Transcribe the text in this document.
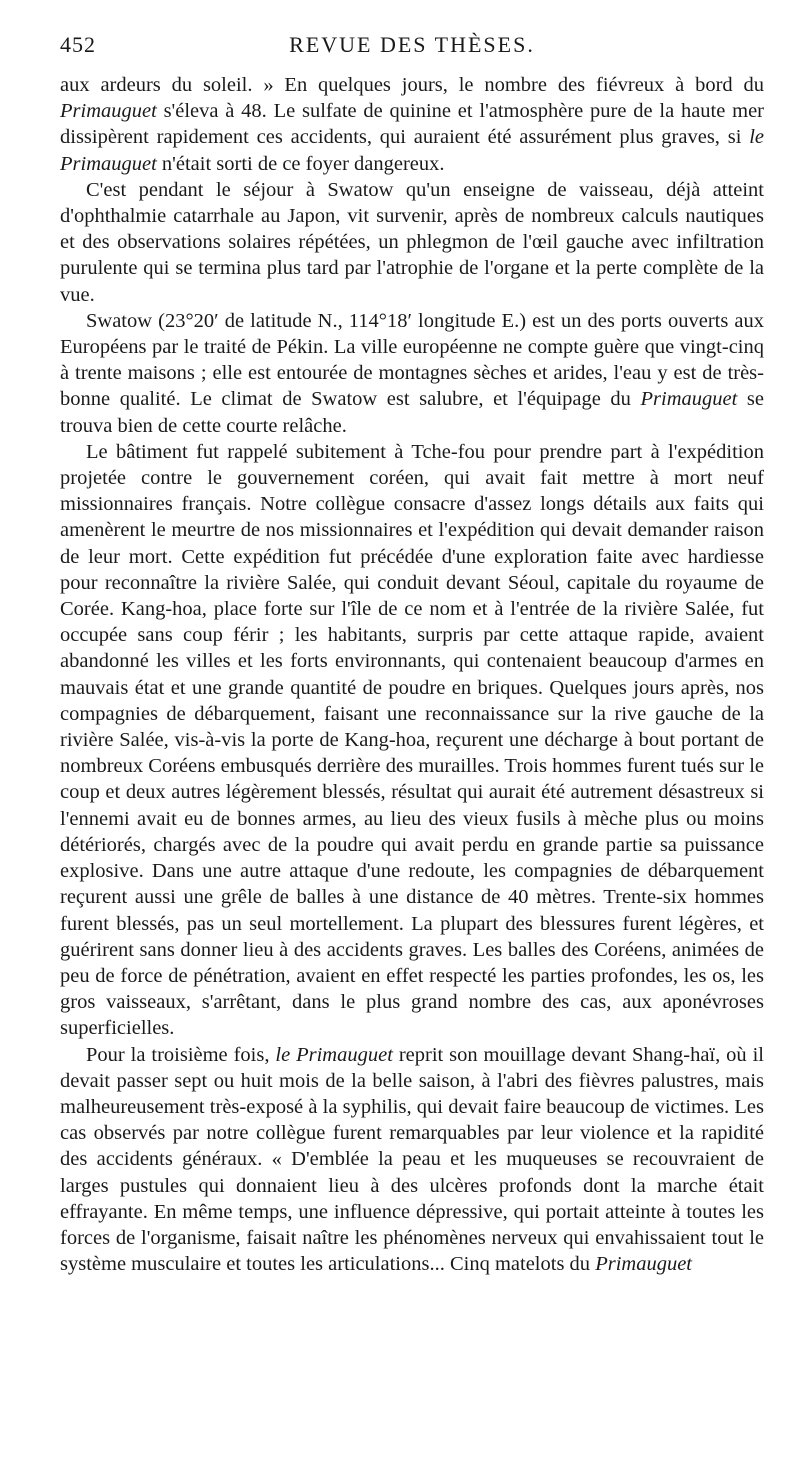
452	REVUE DES THÈSES.

aux ardeurs du soleil. » En quelques jours, le nombre des fiévreux à bord du Primauguet s'éleva à 48. Le sulfate de quinine et l'atmosphère pure de la haute mer dissipèrent rapidement ces accidents, qui auraient été assurément plus graves, si le Primauguet n'était sorti de ce foyer dangereux.

C'est pendant le séjour à Swatow qu'un enseigne de vaisseau, déjà atteint d'ophthalmie catarrhale au Japon, vit survenir, après de nombreux calculs nautiques et des observations solaires répétées, un phlegmon de l'œil gauche avec infiltration purulente qui se termina plus tard par l'atrophie de l'organe et la perte complète de la vue.

Swatow (23°20′ de latitude N., 114°18′ longitude E.) est un des ports ouverts aux Européens par le traité de Pékin. La ville européenne ne compte guère que vingt-cinq à trente maisons ; elle est entourée de montagnes sèches et arides, l'eau y est de très-bonne qualité. Le climat de Swatow est salubre, et l'équipage du Primauguet se trouva bien de cette courte relâche.

Le bâtiment fut rappelé subitement à Tche-fou pour prendre part à l'expédition projetée contre le gouvernement coréen, qui avait fait mettre à mort neuf missionnaires français. Notre collègue consacre d'assez longs détails aux faits qui amenèrent le meurtre de nos missionnaires et l'expédition qui devait demander raison de leur mort. Cette expédition fut précédée d'une exploration faite avec hardiesse pour reconnaître la rivière Salée, qui conduit devant Séoul, capitale du royaume de Corée. Kang-hoa, place forte sur l'île de ce nom et à l'entrée de la rivière Salée, fut occupée sans coup férir ; les habitants, surpris par cette attaque rapide, avaient abandonné les villes et les forts environnants, qui contenaient beaucoup d'armes en mauvais état et une grande quantité de poudre en briques. Quelques jours après, nos compagnies de débarquement, faisant une reconnaissance sur la rive gauche de la rivière Salée, vis-à-vis la porte de Kang-hoa, reçurent une décharge à bout portant de nombreux Coréens embusqués derrière des murailles. Trois hommes furent tués sur le coup et deux autres légèrement blessés, résultat qui aurait été autrement désastreux si l'ennemi avait eu de bonnes armes, au lieu des vieux fusils à mèche plus ou moins détériorés, chargés avec de la poudre qui avait perdu en grande partie sa puissance explosive. Dans une autre attaque d'une redoute, les compagnies de débarquement reçurent aussi une grêle de balles à une distance de 40 mètres. Trente-six hommes furent blessés, pas un seul mortellement. La plupart des blessures furent légères, et guérirent sans donner lieu à des accidents graves. Les balles des Coréens, animées de peu de force de pénétration, avaient en effet respecté les parties profondes, les os, les gros vaisseaux, s'arrêtant, dans le plus grand nombre des cas, aux aponévroses superficielles.

Pour la troisième fois, le Primauguet reprit son mouillage devant Shang-haï, où il devait passer sept ou huit mois de la belle saison, à l'abri des fièvres palustres, mais malheureusement très-exposé à la syphilis, qui devait faire beaucoup de victimes. Les cas observés par notre collègue furent remarquables par leur violence et la rapidité des accidents généraux. « D'emblée la peau et les muqueuses se recouvraient de larges pustules qui donnaient lieu à des ulcères profonds dont la marche était effrayante. En même temps, une influence dépressive, qui portait atteinte à toutes les forces de l'organisme, faisait naître les phénomènes nerveux qui envahissaient tout le système musculaire et toutes les articulations... Cinq matelots du Primauguet
